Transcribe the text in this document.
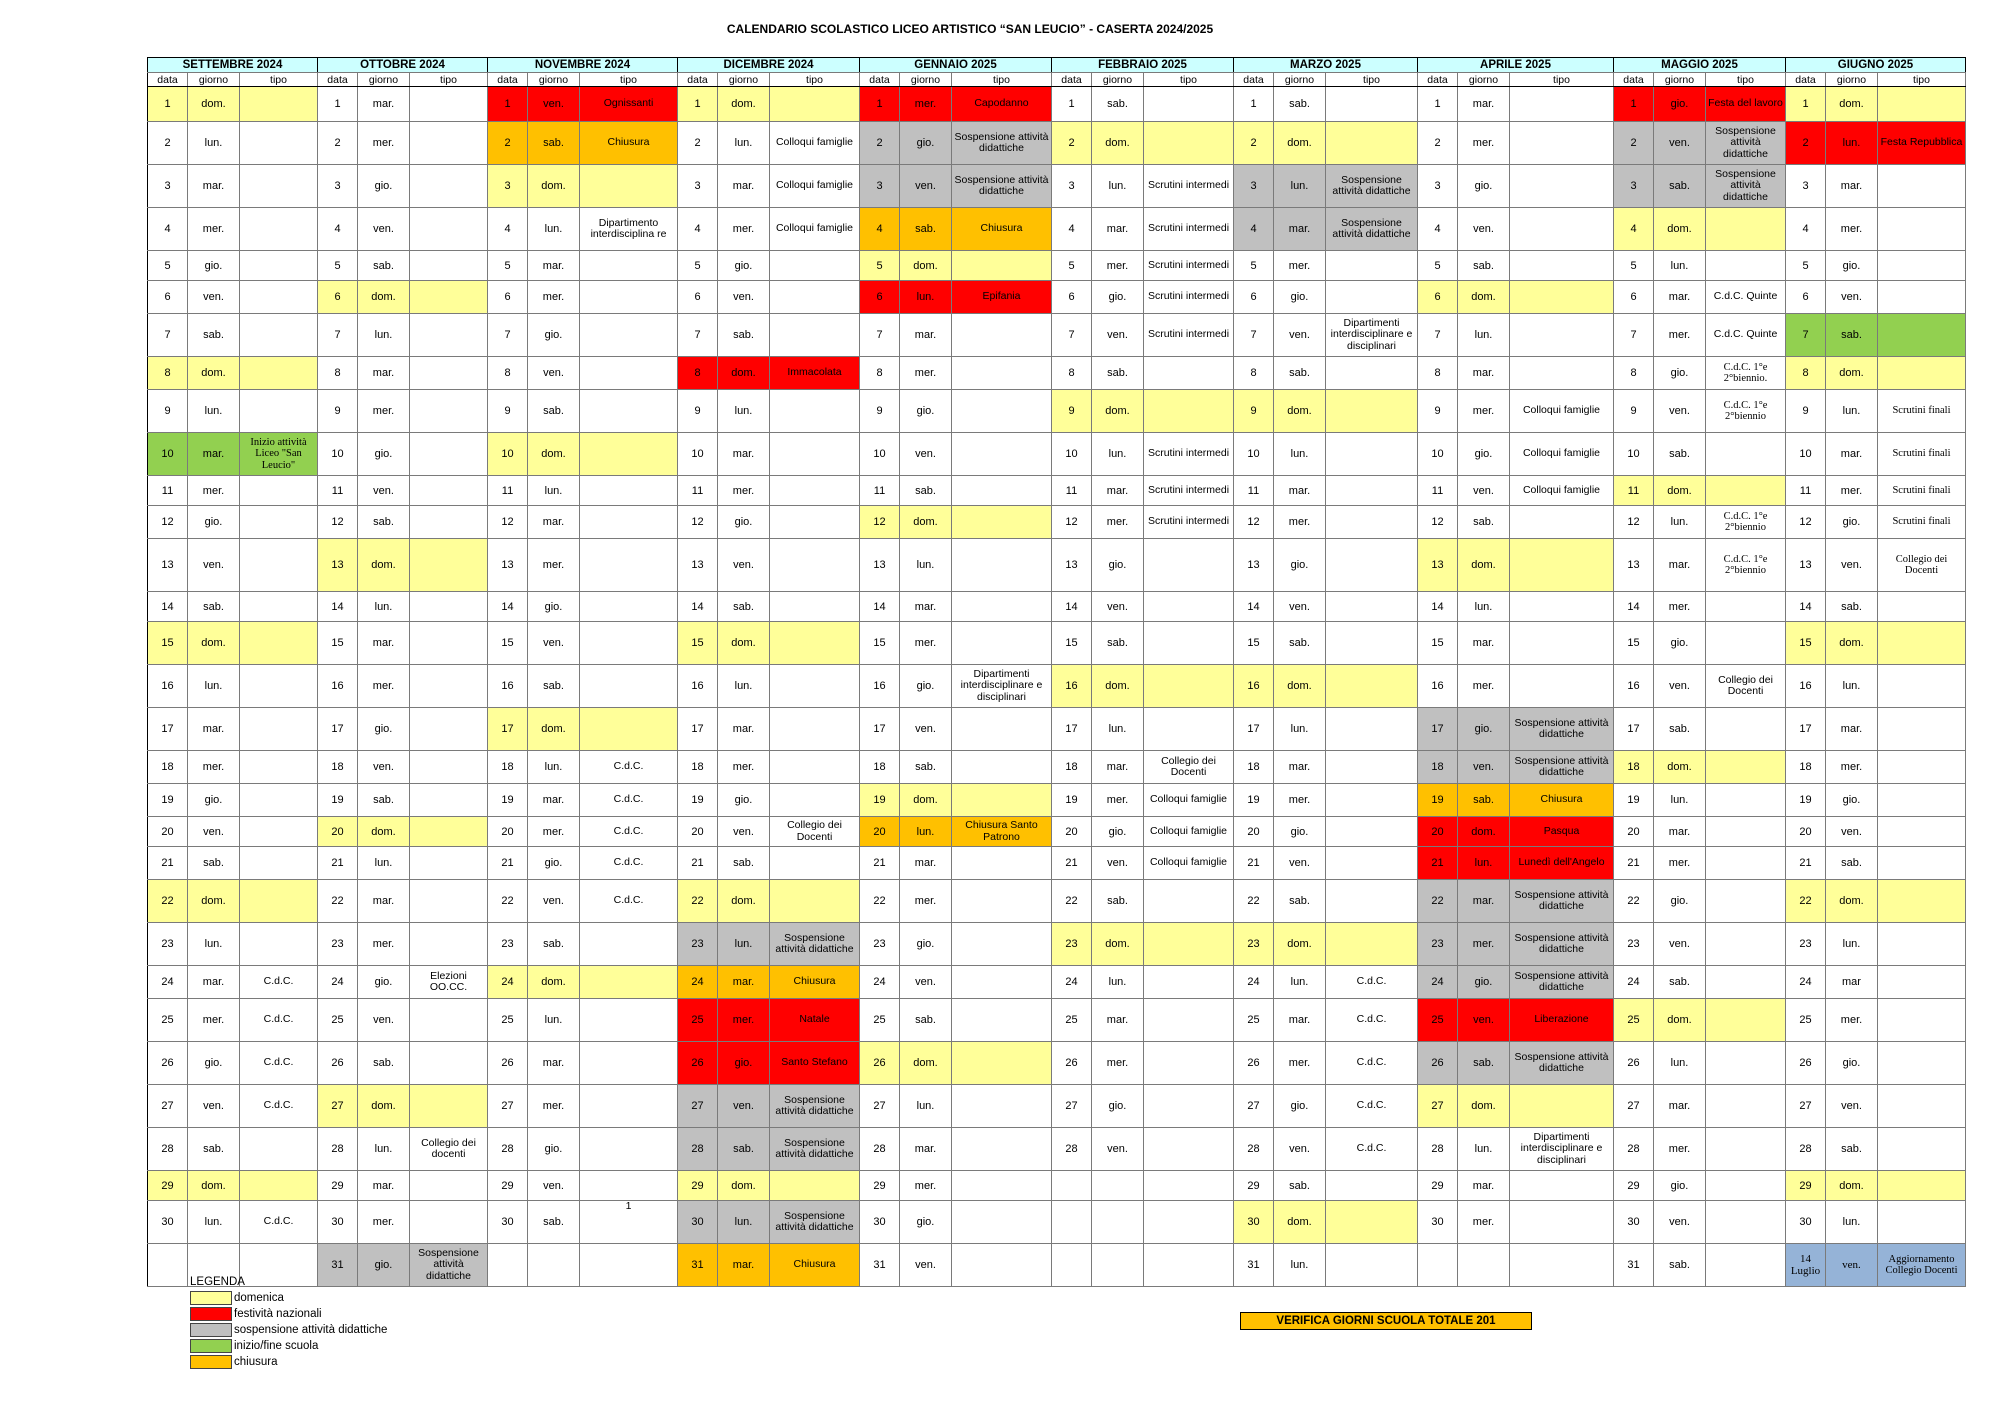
CALENDARIO SCOLASTICO LICEO ARTISTICO “SAN LEUCIO” - CASERTA 2024/2025
SETTEMBRE 2024			OTTOBRE 2024			NOVEMBRE 2024			DICEMBRE 2024			GENNAIO 2025			FEBBRAIO 2025			MARZO 2025			APRILE 2025			MAGGIO 2025			GIUGNO 2025		
data	giorno	tipo	data	giorno	tipo	data	giorno	tipo	data	giorno	tipo	data	giorno	tipo	data	giorno	tipo	data	giorno	tipo	data	giorno	tipo	data	giorno	tipo	data	giorno	tipo
1	dom.		1	mar.		1	ven.	Ognissanti	1	dom.		1	mer.	Capodanno	1	sab.		1	sab.		1	mar.		1	gio.	Festa del lavoro	1	dom.	
2	lun.		2	mer.		2	sab.	Chiusura	2	lun.	Colloqui famiglie	2	gio.	Sospensione attività didattiche	2	dom.		2	dom.		2	mer.		2	ven.	Sospensione attività didattiche	2	lun.	Festa Repubblica
3	mar.		3	gio.		3	dom.		3	mar.	Colloqui famiglie	3	ven.	Sospensione attività didattiche	3	lun.	Scrutini intermedi	3	lun.	Sospensione attività didattiche	3	gio.		3	sab.	Sospensione attività didattiche	3	mar.	
4	mer.		4	ven.		4	lun.	Dipartimento interdisciplina re	4	mer.	Colloqui famiglie	4	sab.	Chiusura	4	mar.	Scrutini intermedi	4	mar.	Sospensione attività didattiche	4	ven.		4	dom.		4	mer.	
5	gio.		5	sab.		5	mar.		5	gio.		5	dom.		5	mer.	Scrutini intermedi	5	mer.		5	sab.		5	lun.		5	gio.	
6	ven.		6	dom.		6	mer.		6	ven.		6	lun.	Epifania	6	gio.	Scrutini intermedi	6	gio.		6	dom.		6	mar.	C.d.C. Quinte	6	ven.	
7	sab.		7	lun.		7	gio.		7	sab.		7	mar.		7	ven.	Scrutini intermedi	7	ven.	Dipartimenti interdisciplinare e disciplinari	7	lun.		7	mer.	C.d.C. Quinte	7	sab.	
8	dom.		8	mar.		8	ven.		8	dom.	Immacolata	8	mer.		8	sab.		8	sab.		8	mar.		8	gio.	C.d.C. 1°e 2°biennio.	8	dom.	
9	lun.		9	mer.		9	sab.		9	lun.		9	gio.		9	dom.		9	dom.		9	mer.	Colloqui famiglie	9	ven.	C.d.C. 1°e 2°biennio	9	lun.	Scrutini finali
10	mar.	Inizio attività Liceo "San Leucio"	10	gio.		10	dom.		10	mar.		10	ven.		10	lun.	Scrutini intermedi	10	lun.		10	gio.	Colloqui famiglie	10	sab.		10	mar.	Scrutini finali
11	mer.		11	ven.		11	lun.		11	mer.		11	sab.		11	mar.	Scrutini intermedi	11	mar.		11	ven.	Colloqui famiglie	11	dom.		11	mer.	Scrutini finali
12	gio.		12	sab.		12	mar.		12	gio.		12	dom.		12	mer.	Scrutini intermedi	12	mer.		12	sab.		12	lun.	C.d.C. 1°e 2°biennio	12	gio.	Scrutini finali
13	ven.		13	dom.		13	mer.		13	ven.		13	lun.		13	gio.		13	gio.		13	dom.		13	mar.	C.d.C. 1°e 2°biennio	13	ven.	Collegio dei Docenti
14	sab.		14	lun.		14	gio.		14	sab.		14	mar.		14	ven.		14	ven.		14	lun.		14	mer.		14	sab.	
15	dom.		15	mar.		15	ven.		15	dom.		15	mer.		15	sab.		15	sab.		15	mar.		15	gio.		15	dom.	
16	lun.		16	mer.		16	sab.		16	lun.		16	gio.	Dipartimenti interdisciplinare e disciplinari	16	dom.		16	dom.		16	mer.		16	ven.	Collegio dei Docenti	16	lun.	
17	mar.		17	gio.		17	dom.		17	mar.		17	ven.		17	lun.		17	lun.		17	gio.	Sospensione attività didattiche	17	sab.		17	mar.	
18	mer.		18	ven.		18	lun.	C.d.C.	18	mer.		18	sab.		18	mar.	Collegio dei Docenti	18	mar.		18	ven.	Sospensione attività didattiche	18	dom.		18	mer.	
19	gio.		19	sab.		19	mar.	C.d.C.	19	gio.		19	dom.		19	mer.	Colloqui famiglie	19	mer.		19	sab.	Chiusura	19	lun.		19	gio.	
20	ven.		20	dom.		20	mer.	C.d.C.	20	ven.	Collegio dei Docenti	20	lun.	Chiusura Santo Patrono	20	gio.	Colloqui famiglie	20	gio.		20	dom.	Pasqua	20	mar.		20	ven.	
21	sab.		21	lun.		21	gio.	C.d.C.	21	sab.		21	mar.		21	ven.	Colloqui famiglie	21	ven.		21	lun.	Lunedì dell'Angelo	21	mer.		21	sab.	
22	dom.		22	mar.		22	ven.	C.d.C.	22	dom.		22	mer.		22	sab.		22	sab.		22	mar.	Sospensione attività didattiche	22	gio.		22	dom.	
23	lun.		23	mer.		23	sab.		23	lun.	Sospensione attività didattiche	23	gio.		23	dom.		23	dom.		23	mer.	Sospensione attività didattiche	23	ven.		23	lun.	
24	mar.	C.d.C.	24	gio.	Elezioni OO.CC.	24	dom.		24	mar.	Chiusura	24	ven.		24	lun.		24	lun.	C.d.C.	24	gio.	Sospensione attività didattiche	24	sab.		24	mar	
25	mer.	C.d.C.	25	ven.		25	lun.		25	mer.	Natale	25	sab.		25	mar.		25	mar.	C.d.C.	25	ven.	Liberazione	25	dom.		25	mer.	
26	gio.	C.d.C.	26	sab.		26	mar.		26	gio.	Santo Stefano	26	dom.		26	mer.		26	mer.	C.d.C.	26	sab.	Sospensione attività didattiche	26	lun.		26	gio.	
27	ven.	C.d.C.	27	dom.		27	mer.		27	ven.	Sospensione attività didattiche	27	lun.		27	gio.		27	gio.	C.d.C.	27	dom.		27	mar.		27	ven.	
28	sab.		28	lun.	Collegio dei docenti	28	gio.		28	sab.	Sospensione attività didattiche	28	mar.		28	ven.		28	ven.	C.d.C.	28	lun.	Dipartimenti interdisciplinare e disciplinari	28	mer.		28	sab.	
29	dom.		29	mar.		29	ven.		29	dom.		29	mer.					29	sab.		29	mar.		29	gio.		29	dom.	
30	lun.	C.d.C.	30	mer.		30	sab.	1	30	lun.	Sospensione attività didattiche	30	gio.					30	dom.		30	mer.		30	ven.		30	lun.	
			31	gio.	Sospensione attività didattiche				31	mar.	Chiusura	31	ven.					31	lun.					31	sab.		14 Luglio	ven.	Aggiornamento Collegio Docenti
LEGENDA
domenica
festività nazionali
sospensione attività didattiche
inizio/fine scuola
chiusura
VERIFICA GIORNI SCUOLA TOTALE 201
